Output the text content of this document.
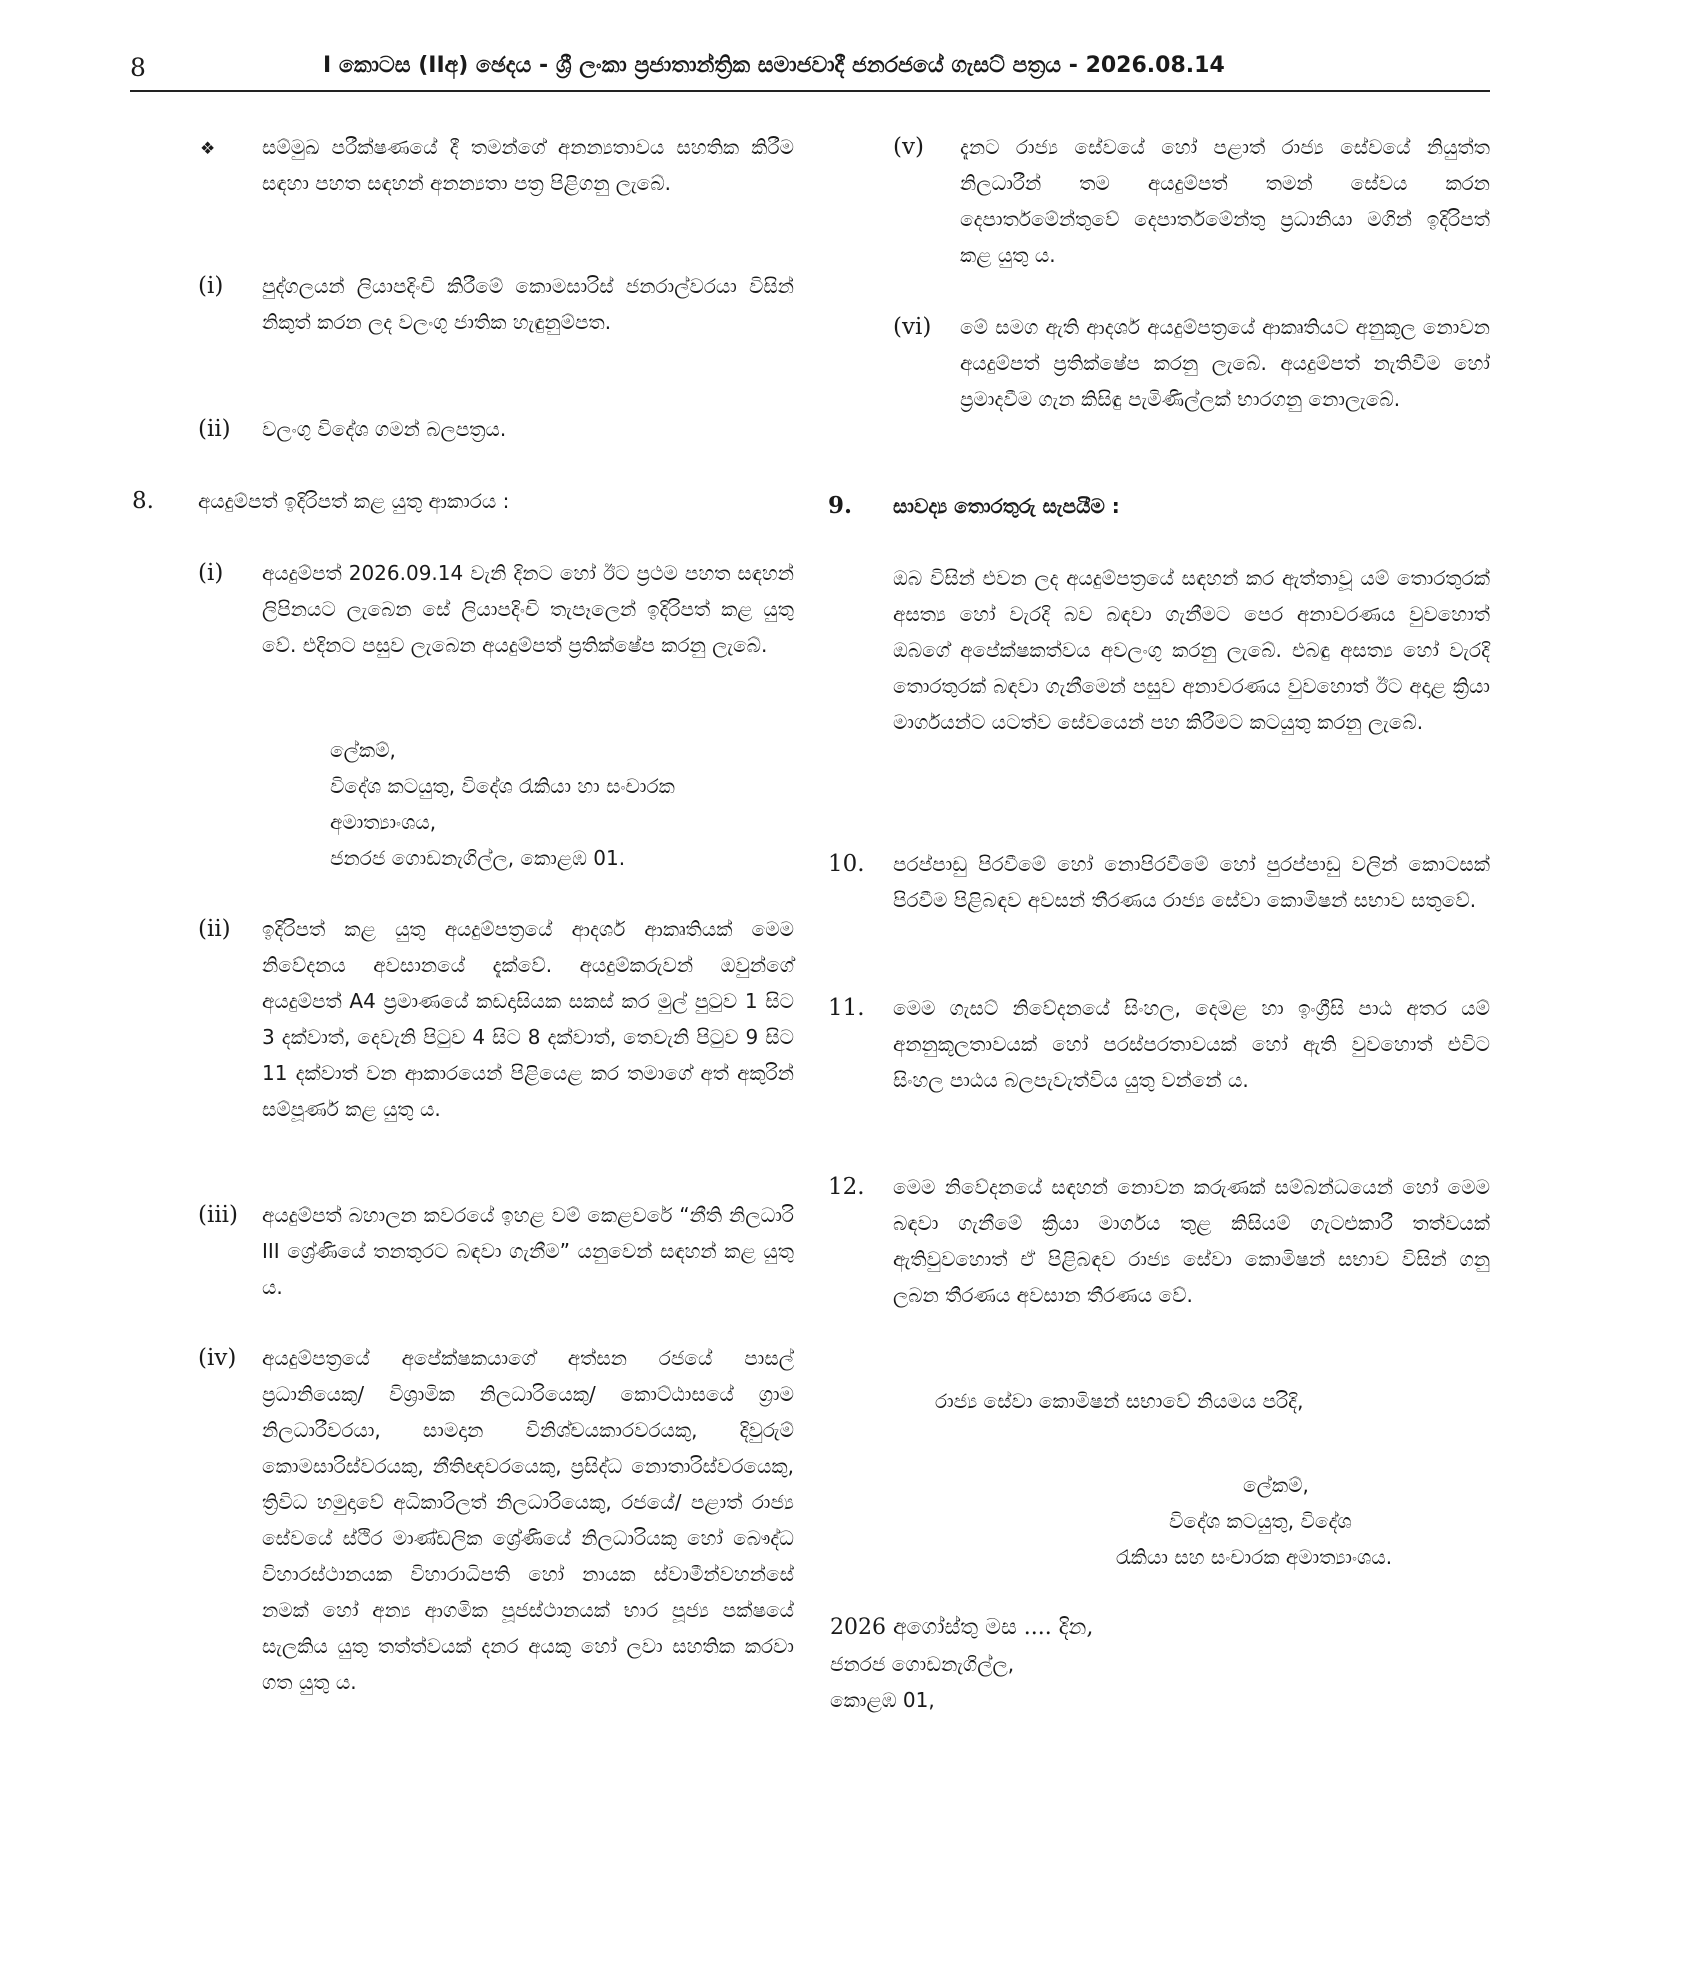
8	I කොටස (IIඅ) ඡෙදය - ශ්‍රී ලංකා ප්‍රජාතාන්ත්‍රික සමාජවාදී ජනරජයේ ගැසට් පත්‍රය - 2026.08.14
❖ සම්මුඛ පරීක්ෂණයේ දී තමන්ගේ අනන්‍යතාවය සහතික කිරීම සඳහා පහත සඳහන් අනන්‍යතා පත්‍ර පිළිගනු ලැබේ.
(i) පුද්ගලයන් ලියාපදිංචි කිරීමේ කොමසාරිස් ජනරාල්වරයා විසින් නිකුත් කරන ලද වලංගු ජාතික හැඳුනුම්පත.
(ii) වලංගු විදේශ ගමන් බලපත්‍රය.
8. අයදුම්පත් ඉදිරිපත් කළ යුතු ආකාරය :
(i) අයදුම්පත් 2026.09.14 වැනි දිනට හෝ ඊට ප්‍රථම පහත සඳහන් ලිපිනයට ලැබෙන සේ ලියාපදිංචි තැපෑලෙන් ඉදිරිපත් කළ යුතු වේ. එදිනට පසුව ලැබෙන අයදුම්පත් ප්‍රතික්ෂේප කරනු ලැබේ.
ලේකම්,
විදේශ කටයුතු, විදේශ රැකියා හා සංචාරක
අමාත්‍යාංශය,
ජනරජ ගොඩනැගිල්ල, කොළඹ 01.
(ii) ඉදිරිපත් කළ යුතු අයදුම්පත්‍රයේ ආදර්ශ ආකෘතියක් මෙම නිවේදනය අවසානයේ දැක්වේ. අයදුම්කරුවන් ඔවුන්ගේ අයදුම්පත් A4 ප්‍රමාණයේ කඩදාසියක සකස් කර මුල් පුටුව 1 සිට 3 දක්වාත්, දෙවැනි පිටුව 4 සිට 8 දක්වාත්, තෙවැනි පිටුව 9 සිට 11 දක්වාත් වන ආකාරයෙන් පිළියෙළ කර තමාගේ අත් අකුරින් සම්පූර්ණ කළ යුතු ය.
(iii) අයදුම්පත් බහාලන කවරයේ ඉහළ වම් කෙළවරේ “නීති නිලධාරි III ශ්‍රේණියේ තනතුරට බඳවා ගැනීම” යනුවෙන් සඳහන් කළ යුතු ය.
(iv) අයදුම්පත්‍රයේ අපේක්ෂකයාගේ අත්සන රජයේ පාසල් ප්‍රධානියෙකු/ විශ්‍රාමික නිලධාරියෙකු/ කොට්ඨාසයේ ග්‍රාම නිලධාරීවරයා, සාමදාන විනිශ්චයකාරවරයකු, දිවුරුම් කොමසාරිස්වරයකු, නීතිඥවරයෙකු, ප්‍රසිද්ධ නොතාරිස්වරයෙකු, ත්‍රිවිධ හමුදාවේ අධිකාරිලත් නිලධාරියෙකු, රජයේ/ පළාත් රාජ්‍ය සේවයේ ස්ථිර මාණ්ඩලික ශ්‍රේණියේ නිලධාරියකු හෝ බෞද්ධ විහාරස්ථානයක විහාරාධිපති හෝ නායක ස්වාමීන්වහන්සේ නමක් හෝ අන්‍ය ආගමික පූජස්ථානයක් භාර පූජ්‍ය පක්ෂයේ සැලකිය යුතු තත්ත්වයක් දනර අයකු හෝ ලවා සහතික කරවා ගත යුතු ය.
(v) දැනට රාජ්‍ය සේවයේ හෝ පළාත් රාජ්‍ය සේවයේ නියුත්ත නිලධාරීන් තම අයදුම්පත් තමන් සේවය කරන දෙපාර්තමේන්තුවේ දෙපාර්තමේන්තු ප්‍රධානියා මගින් ඉදිරිපත් කළ යුතු ය.
(vi) මේ සමග ඇති ආදර්ශ අයදුම්පත්‍රයේ ආකෘතියට අනුකූල නොවන අයදුම්පත් ප්‍රතික්ෂේප කරනු ලැබේ. අයදුම්පත් නැතිවීම හෝ ප්‍රමාදවීම ගැන කිසිඳු පැමිණිල්ලක් භාරගනු නොලැබේ.
9. සාවද්‍ය තොරතුරු සැපයීම :
ඔබ විසින් එවන ලද අයදුම්පත්‍රයේ සඳහන් කර ඇත්තාවූ යම් තොරතුරක් අසත්‍ය හෝ වැරදි බව බඳවා ගැනීමට පෙර අනාවරණය වුවහොත් ඔබගේ අපේක්ෂකත්වය අවලංගු කරනු ලැබේ. එබඳු අසත්‍ය හෝ වැරදි තොරතුරක් බඳවා ගැනීමෙන් පසුව අනාවරණය වුවහොත් ඊට අදාළ ක්‍රියා මාර්ගයන්ට යටත්ව සේවයෙන් පහ කිරීමට කටයුතු කරනු ලැබේ.
10. පරප්පාඩු පිරවීමේ හෝ නොපිරවීමේ හෝ පුරප්පාඩු වලින් කොටසක් පිරවීම පිළිබඳව අවසන් තීරණය රාජ්‍ය සේවා කොමිෂන් සභාව සතුවේ.
11. මෙම ගැසට් නිවේදනයේ සිංහල, දෙමළ හා ඉංග්‍රීසි පාඨ අතර යම් අනනුකූලතාවයක් හෝ පරස්පරතාවයක් හෝ ඇති වුවහොත් එවිට සිංහල පාඨය බලපැවැත්විය යුතු වන්නේ ය.
12. මෙම නිවේදනයේ සඳහන් නොවන කරුණක් සම්බන්ධයෙන් හෝ මෙම බඳවා ගැනීමේ ක්‍රියා මාර්ගය තුළ කිසියම් ගැටළුකාරී තත්වයක් ඇතිවුවහොත් ඒ පිළිබඳව රාජ්‍ය සේවා කොමිෂන් සභාව විසින් ගනු ලබන තීරණය අවසාන තීරණය වේ.
රාජ්‍ය සේවා කොමිෂන් සභාවේ නියමය පරිදි,
ලේකම්,
විදේශ කටයුතු, විදේශ
රැකියා සහ සංචාරක අමාත්‍යාංශය.
2026 අගෝස්තු මස .... දින,
ජනරජ ගොඩනැගිල්ල,
කොළඹ 01,
